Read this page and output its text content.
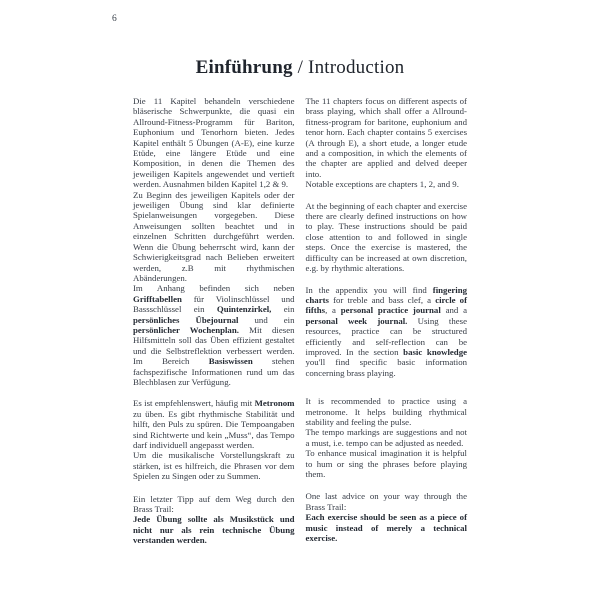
6
Einführung / Introduction

Die 11 Kapitel behandeln verschiedene bläserische Schwerpunkte, die quasi ein Allround-Fitness-Programm für Bariton, Euphonium und Tenorhorn bieten. Jedes Kapitel enthält 5 Übungen (A-E), eine kurze Etüde, eine längere Etüde und eine Komposition, in denen die Themen des jeweiligen Kapitels angewendet und vertieft werden. Ausnahmen bilden Kapitel 1,2 & 9.

Zu Beginn des jeweiligen Kapitels oder der jeweiligen Übung sind klar definierte Spielanweisungen vorgegeben. Diese Anweisungen sollten beachtet und in einzelnen Schritten durchgeführt werden. Wenn die Übung beherrscht wird, kann der Schwierigkeitsgrad nach Belieben erweitert werden, z.B mit rhythmischen Abänderungen.

Im Anhang befinden sich neben Grifftabellen für Violinschlüssel und Bassschlüssel ein Quintenzirkel, ein persönliches Übejournal und ein persönlicher Wochenplan. Mit diesen Hilfsmitteln soll das Üben effizient gestaltet und die Selbstreflektion verbessert werden. Im Bereich Basiswissen stehen fachspezifische Informationen rund um das Blechblasen zur Verfügung.

Es ist empfehlenswert, häufig mit Metronom zu üben. Es gibt rhythmische Stabilität und hilft, den Puls zu spüren. Die Tempoangaben sind Richtwerte und kein „Muss“, das Tempo darf individuell angepasst werden.

Um die musikalische Vorstellungskraft zu stärken, ist es hilfreich, die Phrasen vor dem Spielen zu Singen oder zu Summen.

Ein letzter Tipp auf dem Weg durch den Brass Trail:

Jede Übung sollte als Musikstück und nicht nur als rein technische Übung verstanden werden.

The 11 chapters focus on different aspects of brass playing, which shall offer a Allround-fitness-program for baritone, euphonium and tenor horn. Each chapter contains 5 exercises (A through E), a short etude, a longer etude and a composition, in which the elements of the chapter are applied and delved deeper into.

Notable exceptions are chapters 1, 2, and 9.

At the beginning of each chapter and exercise there are clearly defined instructions on how to play. These instructions should be paid close attention to and followed in single steps. Once the exercise is mastered, the difficulty can be increased at own discretion, e.g. by rhythmic alterations.

In the appendix you will find fingering charts for treble and bass clef, a circle of fifths, a personal practice journal and a personal week journal. Using these resources, practice can be structured efficiently and self-reflection can be improved. In the section basic knowledge you'll find specific basic information concerning brass playing.

It is recommended to practice using a metronome. It helps building rhythmical stability and feeling the pulse.

The tempo markings are suggestions and not a must, i.e. tempo can be adjusted as needed.

To enhance musical imagination it is helpful to hum or sing the phrases before playing them.

One last advice on your way through the Brass Trail:

Each exercise should be seen as a piece of music instead of merely a technical exercise.
